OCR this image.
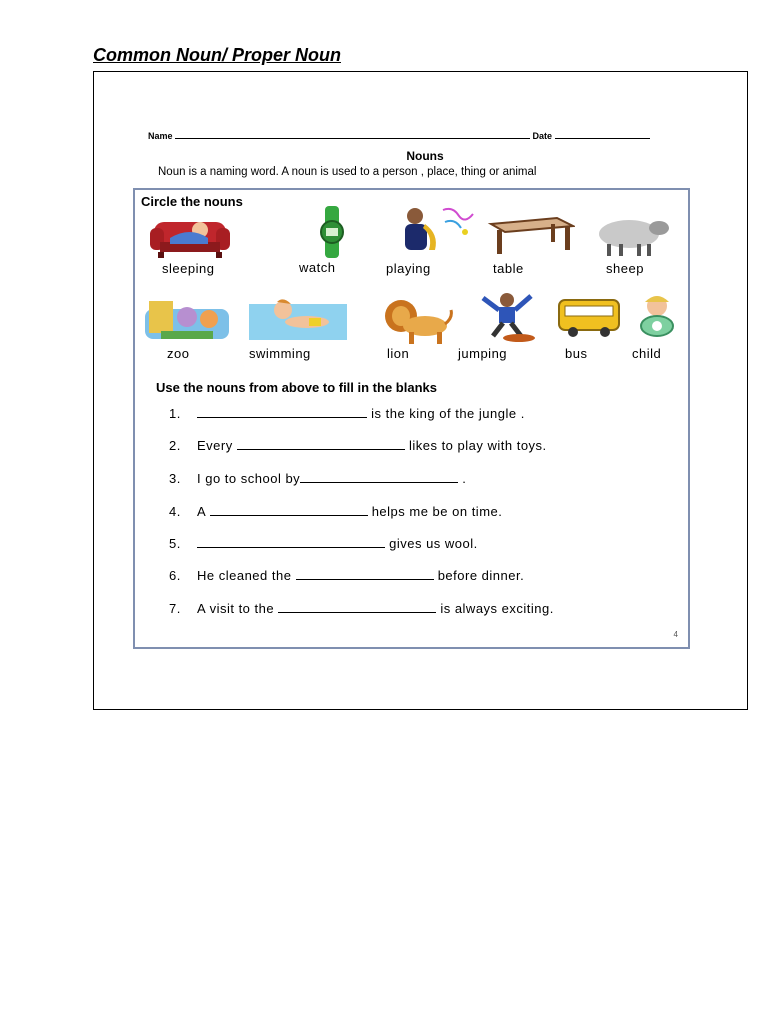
Common Noun/ Proper Noun
Name	Date
Nouns
Noun is a naming word. A noun is used to a person , place, thing or animal
Circle the nouns
sleeping	watch	playing	table	sheep
zoo	swimming	lion	jumping	bus	child
Use the nouns from above to fill in the blanks
1.	is the king of the jungle .
2. Every	likes to play with toys.
3. I go to school by	.
4. A	helps me be on time.
5.	gives us wool.
6. He cleaned the	before dinner.
7. A visit to the	is always exciting.
4
